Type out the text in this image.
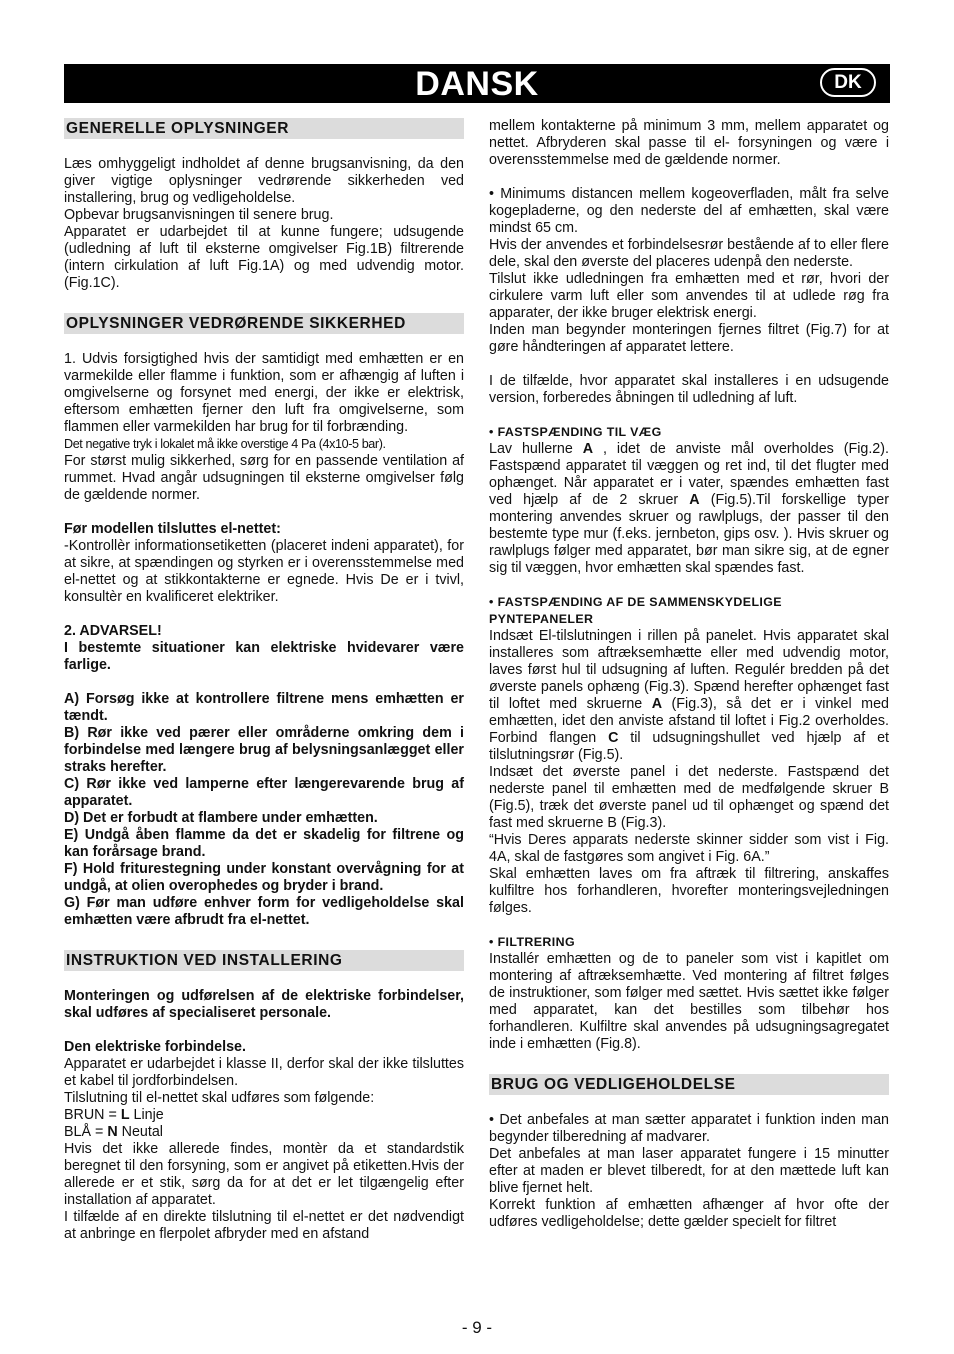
DANSK	DK
GENERELLE OPLYSNINGER

Læs omhyggeligt indholdet af denne brugsanvisning, da den giver vigtige oplysninger vedrørende sikkerheden ved installering, brug og vedligeholdelse.

Opbevar brugsanvisningen til senere brug.

Apparatet er udarbejdet til at kunne fungere; udsugende (udledning af luft til eksterne omgivelser Fig.1B) filtrerende (intern cirkulation af luft Fig.1A) og med udvendig motor. (Fig.1C).

OPLYSNINGER VEDRØRENDE SIKKERHED

1. Udvis forsigtighed hvis der samtidigt med emhætten er en varmekilde eller flamme i funktion, som er afhængig af luften i omgivelserne og forsynet med energi, der ikke er elektrisk, eftersom emhætten fjerner den luft fra omgivelserne, som flammen eller varmekilden har brug for til forbrænding.

Det negative tryk i lokalet må ikke overstige 4 Pa (4x10-5 bar).

For størst mulig sikkerhed, sørg for en passende ventilation af rummet. Hvad angår udsugningen til eksterne omgivelser følg de gældende normer.

Før modellen tilsluttes el-nettet:

-Kontrollèr informationsetiketten (placeret indeni apparatet), for at sikre, at spændingen og styrken er i overensstemmelse med el-nettet og at stikkontakterne er egnede. Hvis De er i tvivl, konsultèr en kvalificeret elektriker.

2. ADVARSEL!

I bestemte situationer kan elektriske hvidevarer være farlige.

A) Forsøg ikke at kontrollere filtrene mens emhætten er tændt.

B) Rør ikke ved pærer eller områderne omkring dem i forbindelse med længere brug af belysningsanlægget eller straks herefter.

C) Rør ikke ved lamperne efter længerevarende brug af apparatet.

D) Det er forbudt at flambere under emhætten.

E) Undgå åben flamme da det er skadelig for filtrene og kan forårsage brand.

F) Hold friturestegning under konstant overvågning for at undgå, at olien overophedes og bryder i brand.

G) Før man udføre enhver form for vedligeholdelse skal emhætten være afbrudt fra el-nettet.

INSTRUKTION VED INSTALLERING

Monteringen og udførelsen af de elektriske forbindelser, skal udføres af specialiseret personale.

Den elektriske forbindelse.

Apparatet er udarbejdet i klasse II, derfor skal der ikke tilsluttes et kabel til jordforbindelsen.

Tilslutning til el-nettet skal udføres som følgende:

BRUN = L Linje

BLÅ = N Neutal

Hvis det ikke allerede findes, montèr da et standardstik beregnet til den forsyning, som er angivet på etiketten.Hvis der allerede er et stik, sørg da for at det er let tilgængelig efter installation af apparatet.

I tilfælde af en direkte tilslutning til el-nettet er det nødvendigt at anbringe en flerpolet afbryder med en afstand

mellem kontakterne på minimum 3 mm, mellem apparatet og nettet. Afbryderen skal passe til el- forsyningen og være i overensstemmelse med de gældende normer.

• Minimums distancen mellem kogeoverfladen, målt fra selve kogepladerne, og den nederste del af emhætten, skal være mindst 65 cm.

Hvis der anvendes et forbindelsesrør bestående af to eller flere dele, skal den øverste del placeres udenpå den nederste.

Tilslut ikke udledningen fra emhætten med et rør, hvori der cirkulere varm luft eller som anvendes til at udlede røg fra apparater, der ikke bruger elektrisk energi.

Inden man begynder monteringen fjernes filtret (Fig.7) for at gøre håndteringen af apparatet lettere.

I de tilfælde, hvor apparatet skal installeres i en udsugende version, forberedes åbningen til udledning af luft.

• FASTSPÆNDING TIL VÆG

Lav hullerne A , idet de anviste mål overholdes (Fig.2). Fastspænd apparatet til væggen og ret ind, til det flugter med ophænget. Når apparatet er i vater, spændes emhætten fast ved hjælp af de 2 skruer A (Fig.5).Til forskellige typer montering anvendes skruer og rawlplugs, der passer til den bestemte type mur (f.eks. jernbeton, gips osv. ). Hvis skruer og rawlplugs følger med apparatet, bør man sikre sig, at de egner sig til væggen, hvor emhætten skal spændes fast.

• FASTSPÆNDING AF DE SAMMENSKYDELIGE PYNTEPANELER

Indsæt El-tilslutningen i rillen på panelet. Hvis apparatet skal installeres som aftræksemhætte eller med udvendig motor, laves først hul til udsugning af luften. Regulér bredden på det øverste panels ophæng (Fig.3). Spænd herefter ophænget fast til loftet med skruerne A (Fig.3), så det er i vinkel med emhætten, idet den anviste afstand til loftet i Fig.2 overholdes. Forbind flangen C til udsugningshullet ved hjælp af et tilslutningsrør (Fig.5).

Indsæt det øverste panel i det nederste. Fastspænd det nederste panel til emhætten med de medfølgende skruer B (Fig.5), træk det øverste panel ud til ophænget og spænd det fast med skruerne B (Fig.3).

“Hvis Deres apparats nederste skinner sidder som vist i Fig. 4A, skal de fastgøres som angivet i Fig. 6A.”

Skal emhætten laves om fra aftræk til filtrering, anskaffes kulfiltre hos forhandleren, hvorefter monteringsvejledningen følges.

• FILTRERING

Installér emhætten og de to paneler som vist i kapitlet om montering af aftræksemhætte. Ved montering af filtret følges de instruktioner, som følger med sættet. Hvis sættet ikke følger med apparatet, kan det bestilles som tilbehør hos forhandleren. Kulfiltre skal anvendes på udsugningsagregatet inde i emhætten (Fig.8).

BRUG OG VEDLIGEHOLDELSE

• Det anbefales at man sætter apparatet i funktion inden man begynder tilberedning af madvarer.

Det anbefales at man laser apparatet fungere i 15 minutter efter at maden er blevet tilberedt, for at den mættede luft kan blive fjernet helt.

Korrekt funktion af emhætten afhænger af hvor ofte der udføres vedligeholdelse; dette gælder specielt for filtret

- 9 -
